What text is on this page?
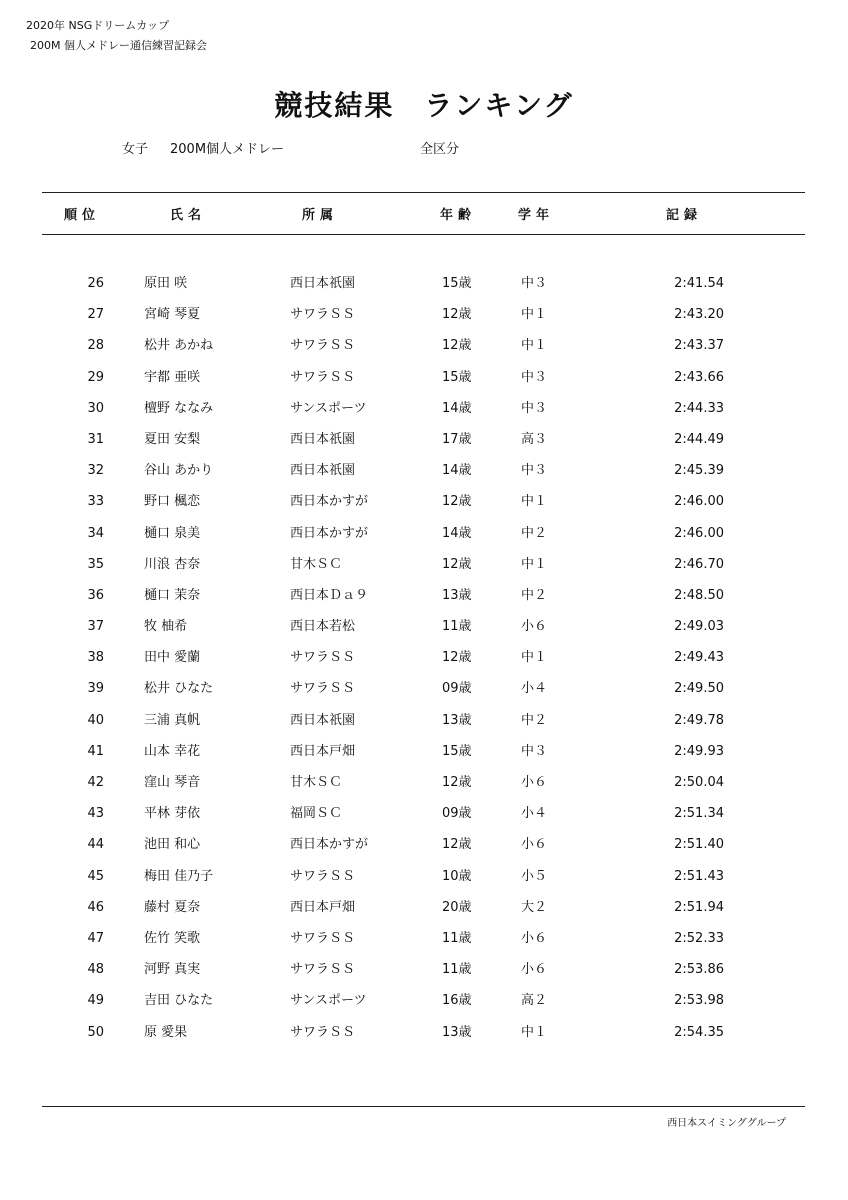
2020年 NSGドリームカップ
200M 個人メドレー通信練習記録会
競技結果 ランキング
女子 200M個人メドレー	全区分
順位	氏名	所属	年齢	学年	記録
26	原田 咲	西日本祇園	15歳	中３	2:41.54
27	宮崎 琴夏	サワラＳＳ	12歳	中１	2:43.20
28	松井 あかね	サワラＳＳ	12歳	中１	2:43.37
29	宇都 亜咲	サワラＳＳ	15歳	中３	2:43.66
30	檀野 ななみ	サンスポーツ	14歳	中３	2:44.33
31	夏田 安梨	西日本祇園	17歳	高３	2:44.49
32	谷山 あかり	西日本祇園	14歳	中３	2:45.39
33	野口 楓恋	西日本かすが	12歳	中１	2:46.00
34	樋口 泉美	西日本かすが	14歳	中２	2:46.00
35	川浪 杏奈	甘木ＳＣ	12歳	中１	2:46.70
36	樋口 茉奈	西日本Ｄａ９	13歳	中２	2:48.50
37	牧 柚希	西日本若松	11歳	小６	2:49.03
38	田中 愛蘭	サワラＳＳ	12歳	中１	2:49.43
39	松井 ひなた	サワラＳＳ	09歳	小４	2:49.50
40	三浦 真帆	西日本祇園	13歳	中２	2:49.78
41	山本 幸花	西日本戸畑	15歳	中３	2:49.93
42	窪山 琴音	甘木ＳＣ	12歳	小６	2:50.04
43	平林 芽依	福岡ＳＣ	09歳	小４	2:51.34
44	池田 和心	西日本かすが	12歳	小６	2:51.40
45	梅田 佳乃子	サワラＳＳ	10歳	小５	2:51.43
46	藤村 夏奈	西日本戸畑	20歳	大２	2:51.94
47	佐竹 笑歌	サワラＳＳ	11歳	小６	2:52.33
48	河野 真実	サワラＳＳ	11歳	小６	2:53.86
49	吉田 ひなた	サンスポーツ	16歳	高２	2:53.98
50	原 愛果	サワラＳＳ	13歳	中１	2:54.35
西日本スイミンググループ
